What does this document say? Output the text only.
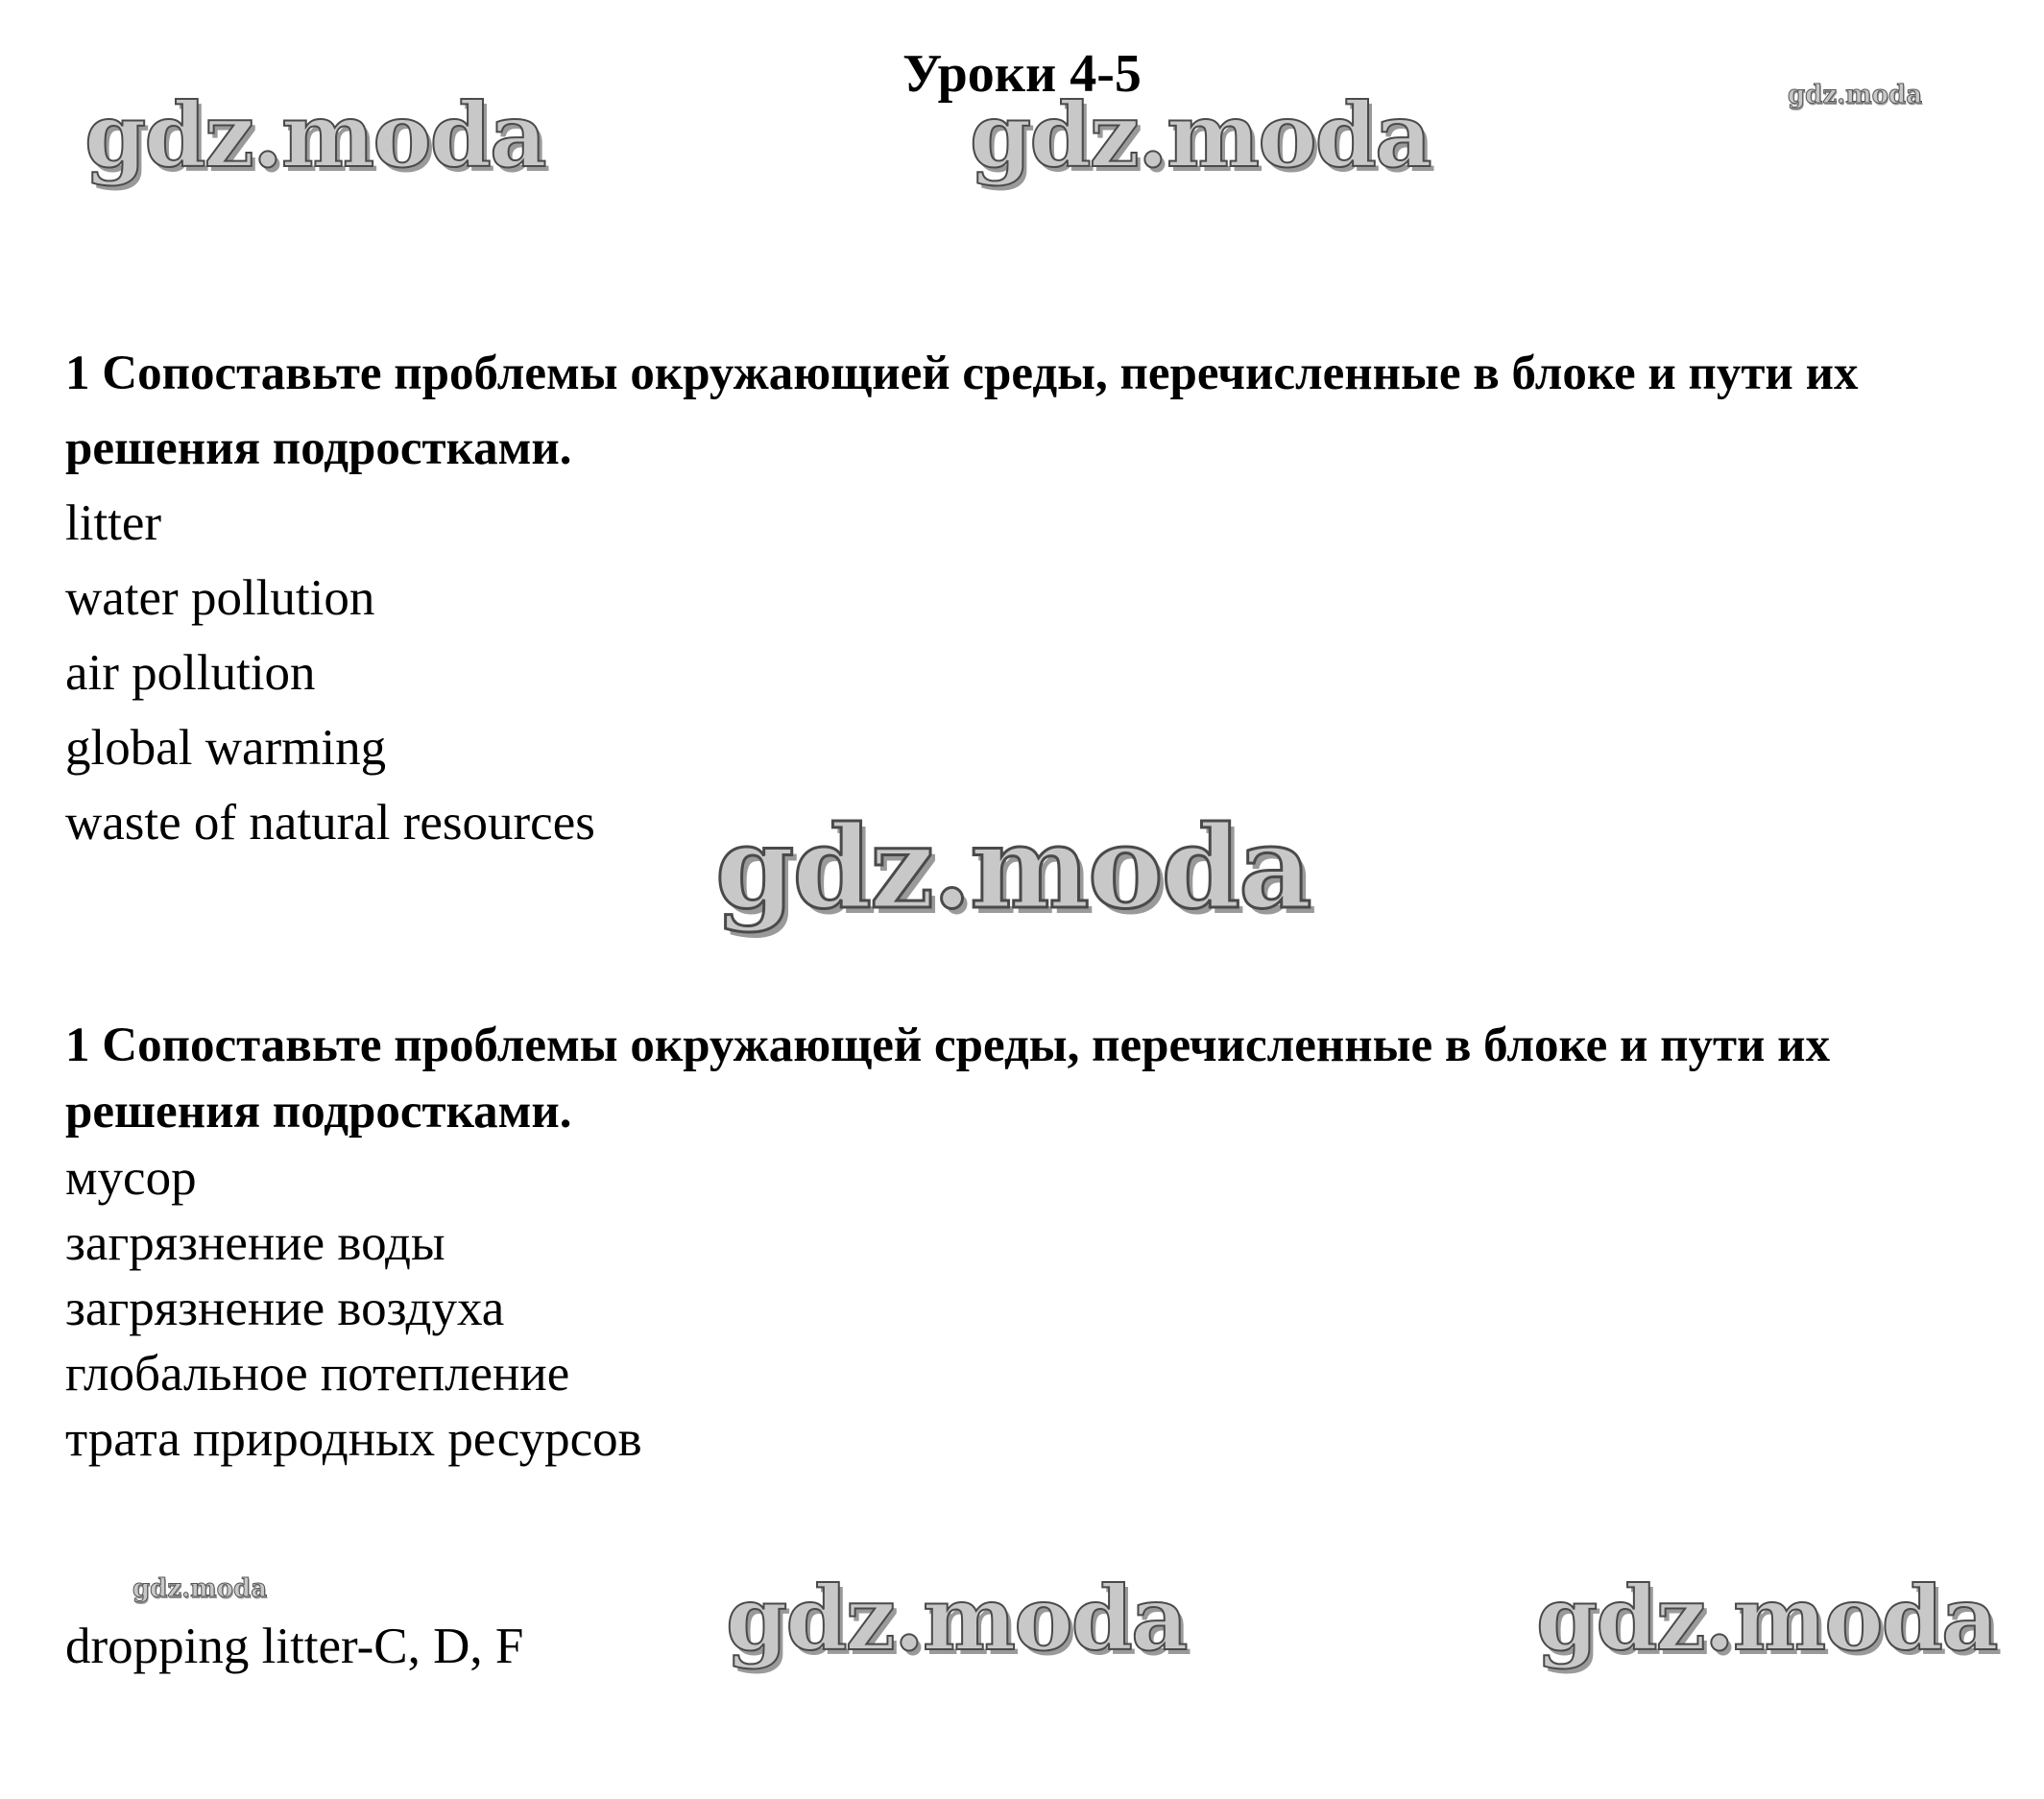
Уроки 4-5
gdz.moda	gdz.moda	gdz.moda

1 Сопоставьте проблемы окружающией среды, перечисленные в блоке и пути их решения подростками.

litter
water pollution
air pollution
global warming
waste of natural resources	gdz.moda

1 Сопоставьте проблемы окружающей среды, перечисленные в блоке и пути их решения подростками.

мусор
загрязнение воды
загрязнение воздуха
глобальное потепление
трата природных ресурсов
gdz.moda
dropping litter-C, D, F gdz.moda	gdz.moda
